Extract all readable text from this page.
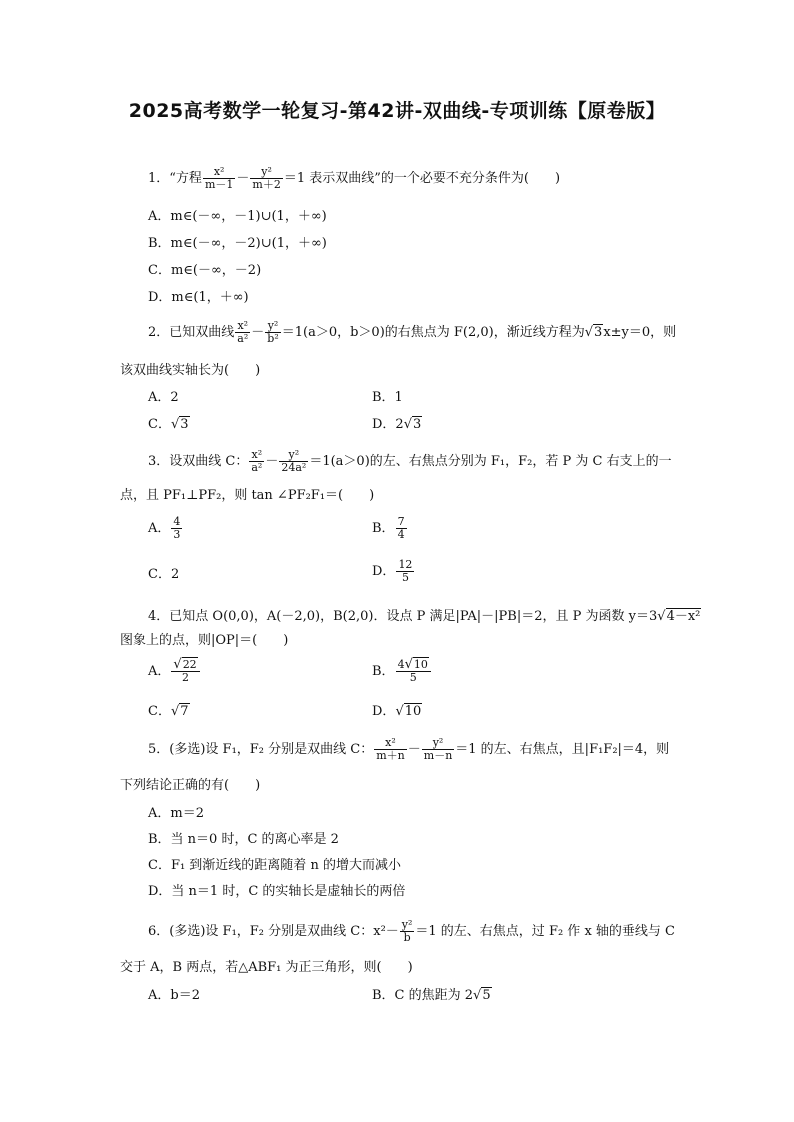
2025高考数学一轮复习-第42讲-双曲线-专项训练【原卷版】
1．“方程 $\frac{\text{x²}}{m-1} - \frac{\text{y²}}{m+2} =1$ 表示双曲线”的一个必要不充分条件为(　　)
A．m∈(－∞，－1)∪(1，＋∞)
B．m∈(－∞，－2)∪(1，＋∞)
C．m∈(－∞，－2)
D．m∈(1，＋∞)
2．已知双曲线 $\frac{\text{x²}}{\text{a²}} - \frac{\text{y²}}{\text{b²}} =1(a>0$，b＞0)的右焦点为 F(2,0)，渐近线方程为√3x±y＝0，则
该双曲线实轴长为(　　)
A．2	B．1
C．√3	D．2√3
3．设双曲线 C： $\frac{\text{x²}}{\text{a²}} - \frac{\text{y²}}{\text{24a²}} =1(a>0)$的左、右焦点分别为 F₁，F₂，若 P 为 C 右支上的一
点，且 PF₁⊥PF₂，则 tan ∠PF₂F₁＝(　　)
A． $\frac{4}{3}$	B． $\frac{7}{4}$
C．2	D． $\frac{12}{5}$
4．已知点 O(0,0)，A(－2,0)，B(2,0)．设点 P 满足|PA|－|PB|＝2，且 P 为函数 y＝3√4－x²
图象上的点，则|OP|＝(　　)
A． $\frac{√22}{2}$	B． $\frac{4√10}{5}$
C．√7	D．√10
5．(多选)设 F₁，F₂ 分别是双曲线 C： $\frac{\text{x²}}{m+n} - \frac{\text{y²}}{m-n} =1$ 的左、右焦点，且|F₁F₂|＝4，则
下列结论正确的有(　　)
A．m＝2
B．当 n＝0 时，C 的离心率是 2
C．F₁ 到渐近线的距离随着 n 的增大而减小
D．当 n＝1 时，C 的实轴长是虚轴长的两倍
6．(多选)设 F₁，F₂ 分别是双曲线 C：$x^2- \frac{\text{y²}}{b} =1$ 的左、右焦点，过 F₂ 作 x 轴的垂线与 C
交于 A，B 两点，若△ABF₁ 为正三角形，则(　　)
A．b＝2	B．C 的焦距为 2√5
